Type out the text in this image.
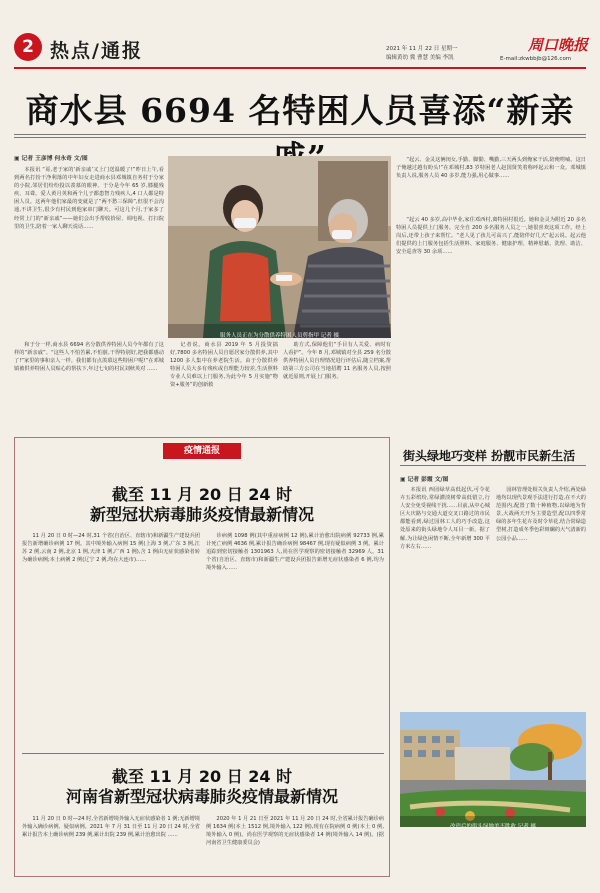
2 热点/通报	2021 年 11 月 22 日 星期一
编辑黄幼 冀 曹慧 美编 李凯
周口晚报
E-mail:zkwbbjb@126.com
商水县 6694 名特困人员喜添“新亲
▣ 记者 王彦博 何永奇 文/图

本报讯 “哥,老于家的‘新亲戚’又上门送温暖了!”昨日上午,看到两名打扮干净利落的中年妇女走进商水县邓城镇自务村于分家的小院,邻居们纷纷投以羡慕的眼神。于分是今年 65 岁,膝腿残疾、耳聋。爱人黄月英和两个儿子都患智力残疾人,4 口人都是特困人员。这两年他们家最的变就是了“两不愁三保障”,但很不会沟通,不讲卫生,很少有村民到他家串门聊天。可这几个月,于家多了经常上门的“新亲戚”——她们会出手帮收拾屋、调电视、打扫院里的卫生,陪着一家人聊天说话……

和于分一样,商水县 6694 名分散供养特困人员今年都有了这样的“新亲戚”。“这些人不怕苦累,不怕脏,干得特别好,把我都感动了!”家里的事和亲人一样。我们都有点羡慕这些特困户呢!”在邓城镇被供养特困人员贴心的帮扶下,年过七旬的村民刘秋英对 ……

记者说。商水县 2019 年 5 月投资搞好,7800 多名特困人员自愿居家分散供养,其中 1200 多人集中在养老院生活。由于分散供养特困人员大多有残疾或自理能力较差,生活照料专业人员难以上门服务,为此今年 5 月实施“物资+服务”的创新救

助方式,保障他们“手目有人关爱、病时有人看护”。今年 8 月,邓城镇对全县 259 名分散供养特困人员自理情况进行评估后,随立档案,帮助第三方公司在当地招聘 11 名服务人员,按照就近原则,开展上门服务。

“起云、金灵这俩闺女,手勤、脚勤、嘴勤,三天两头到俺家干活,陪俺唠嗑。这日子俺越过越有盼头!”在邓城村,83 岁特困老人赵国贤笑着称呼起云和一众。邓城镇负责人说,服务人员 40 多岁,能力强,用心做事……

“起云 40 多岁,高中毕业,家住邓西村,离特困村很近。她和金灵为附近 20 多名特困人员提供上门服务。完全自 200 多名服务人员之一,她很喜欢这项工作。经上岗后,还带上孩子来帮忙。“老人见了孩儿可高兴了,能陪伴好几天”起云说。起云他们提供的上门服务包括生活照料、家庭服务、健康护理、精神慰藉、洗理、助洁、安全巡查等 30 余项……

服务人员正在为分散供养特困人员剪指甲 记者 摄
疫情通报
截至 11 月 20 日 24 时
新型冠状病毒肺炎疫情最新情况

11 月 20 日 0 时—24 时,31 个省(自治区、直辖市)和新疆生产建设兵团报告新增确诊病例 17 例。其中境外输入病例 15 例(上海 3 例,广东 3 例,江苏 2 例,云南 2 例,北京 1 例,天津 1 例,广西 1 例),含 1 例由无症状感染者转为确诊病例;本土病例 2 例(辽宁 2 例,均在大连市)……

诊病例 1098 例(其中重症病例 12 例),累计治愈出院病例 92733 例,累计死亡病例 4636 例,累计报告确诊病例 98467 例,现有疑似病例 3 例。累计追踪到密切接触者 1301963 人,尚在医学观察的密切接触者 32969 人。31 个省(自治区、直辖市)和新疆生产建设兵团报告新增无症状感染者 6 例,均为境外输入……

截至 11 月 20 日 24 时
河南省新型冠状病毒肺炎疫情最新情况

11 月 20 日 0 时—24 时,全省新增境外输入无症状感染者 1 例;无新增境外输入确诊病例、疑似病例。2021 年 7 月 31 日至 11 月 20 日 24 时,全省累计报告本土确诊病例 239 例,累计出院 239 例,累计治愈出院 ……

2020 年 1 月 21 日至 2021 年 11 月 20 日 24 时,全省累计报告确诊病例 1634 例(本土 1512 例,境外输入 122 例),现有在院病例 0 例(本土 0 例,境外输入 0 例)。尚在医学观察的无症状感染者 14 例(境外输入 14 例)。(据河南省卫生健康委员会)

街头绿地巧变样 扮靓市民新生活
▣ 记者 彭霞 文/图

本报讯 西园绿草高低起伏,可令花卉五彩缤纷,常绿灌淡树带高低错立,行人安全免受视线干扰……目前,从中心城区大庆路与交通大道交叉口路过的市民都能看到,绿过园林工人的巧手改造,这处原来的街头绿地令人耳目一新。据了解,为让绿色闲情不断,全年新增 300 平方米左右……

园林管理处相关负责人介绍,两处绿地均以现代景观手法进行打造,在不大的范围内,配置了数十种植物,以绿地为背景,大战两天开为主要造型,配以四季常绿的多年生花卉及时令草花,结合常绿造型树,打造成冬季色彩斑斓的大气清新的公园小品……

改造后的街头绿地美不胜收 记者 摄
